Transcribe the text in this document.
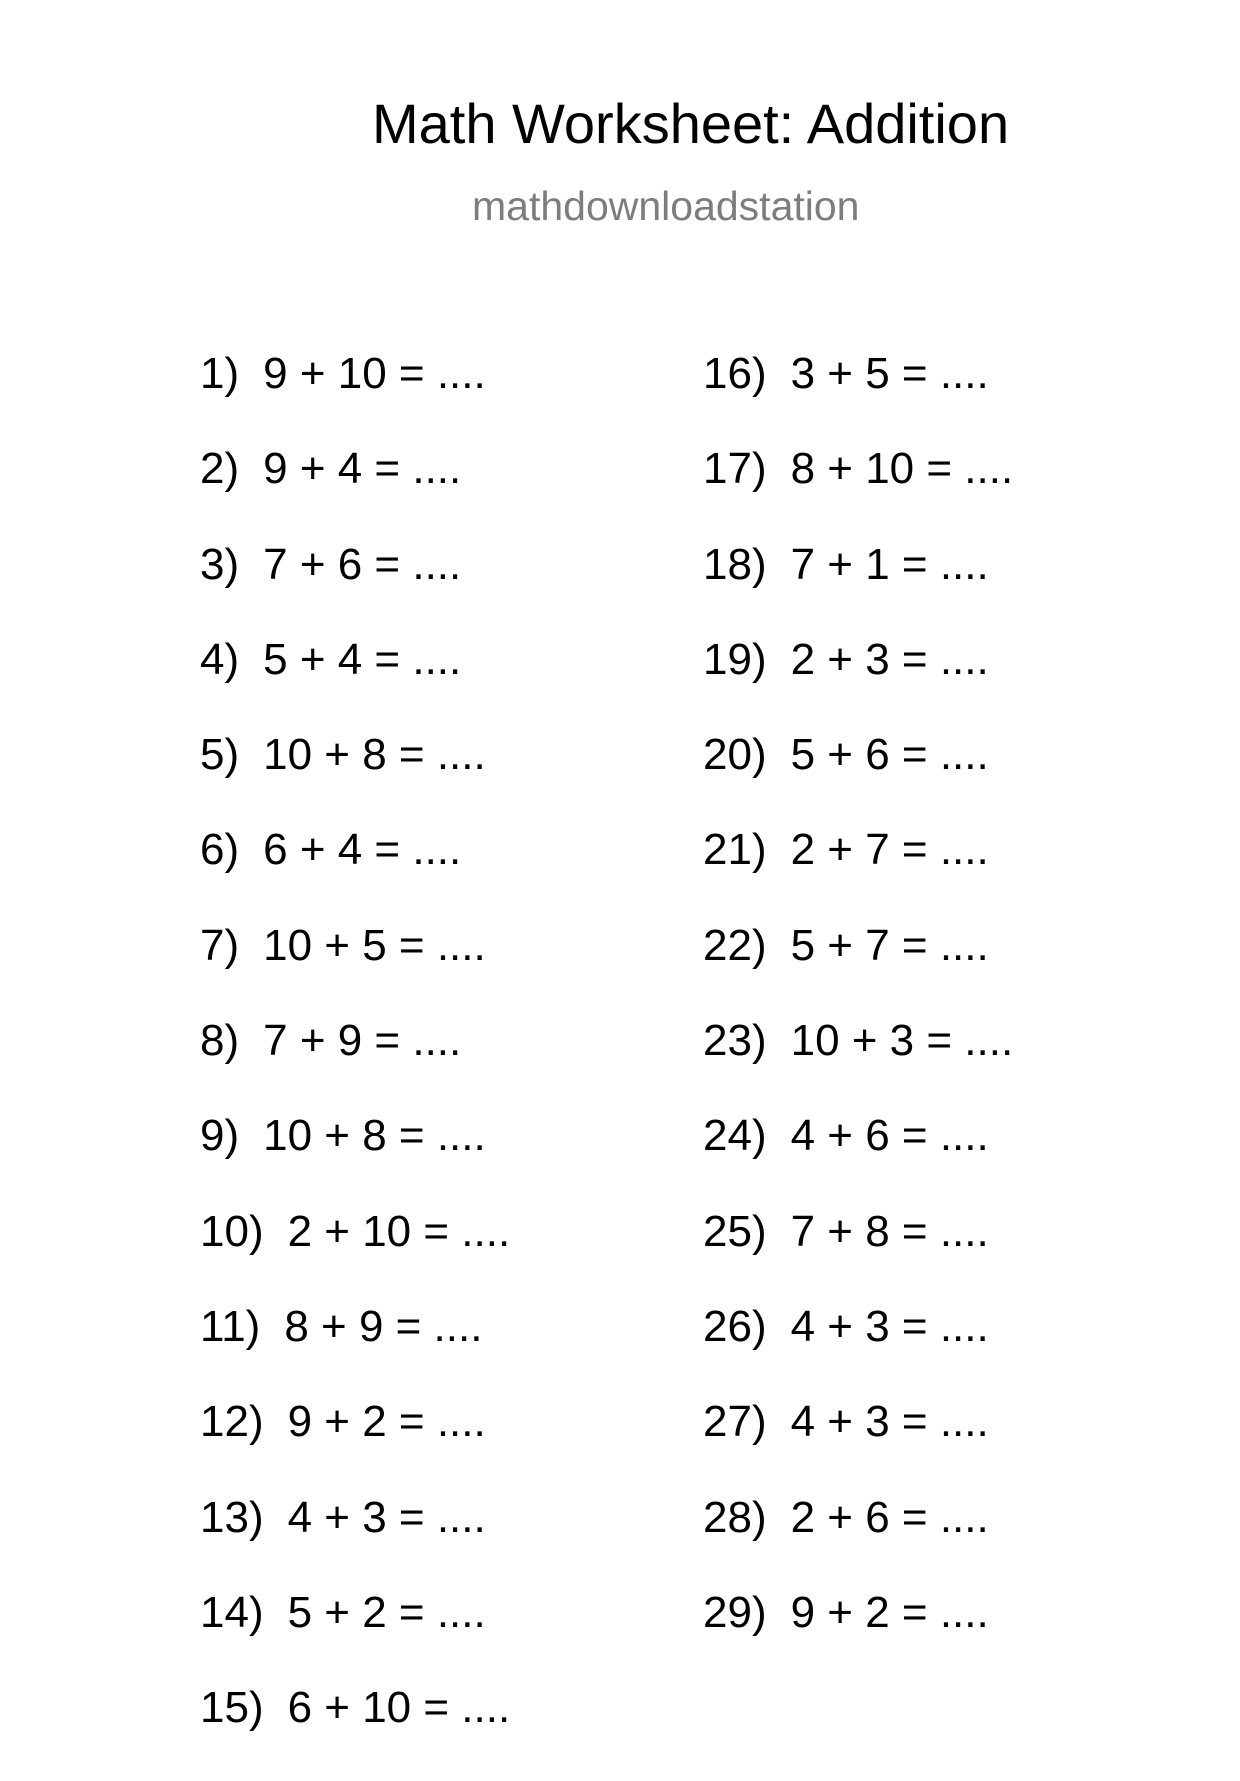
Math Worksheet: Addition
mathdownloadstation
1) 9 + 10 = ....
2) 9 + 4 = ....
3) 7 + 6 = ....
4) 5 + 4 = ....
5) 10 + 8 = ....
6) 6 + 4 = ....
7) 10 + 5 = ....
8) 7 + 9 = ....
9) 10 + 8 = ....
10) 2 + 10 = ....
11) 8 + 9 = ....
12) 9 + 2 = ....
13) 4 + 3 = ....
14) 5 + 2 = ....
15) 6 + 10 = ....
16) 3 + 5 = ....
17) 8 + 10 = ....
18) 7 + 1 = ....
19) 2 + 3 = ....
20) 5 + 6 = ....
21) 2 + 7 = ....
22) 5 + 7 = ....
23) 10 + 3 = ....
24) 4 + 6 = ....
25) 7 + 8 = ....
26) 4 + 3 = ....
27) 4 + 3 = ....
28) 2 + 6 = ....
29) 9 + 2 = ....
